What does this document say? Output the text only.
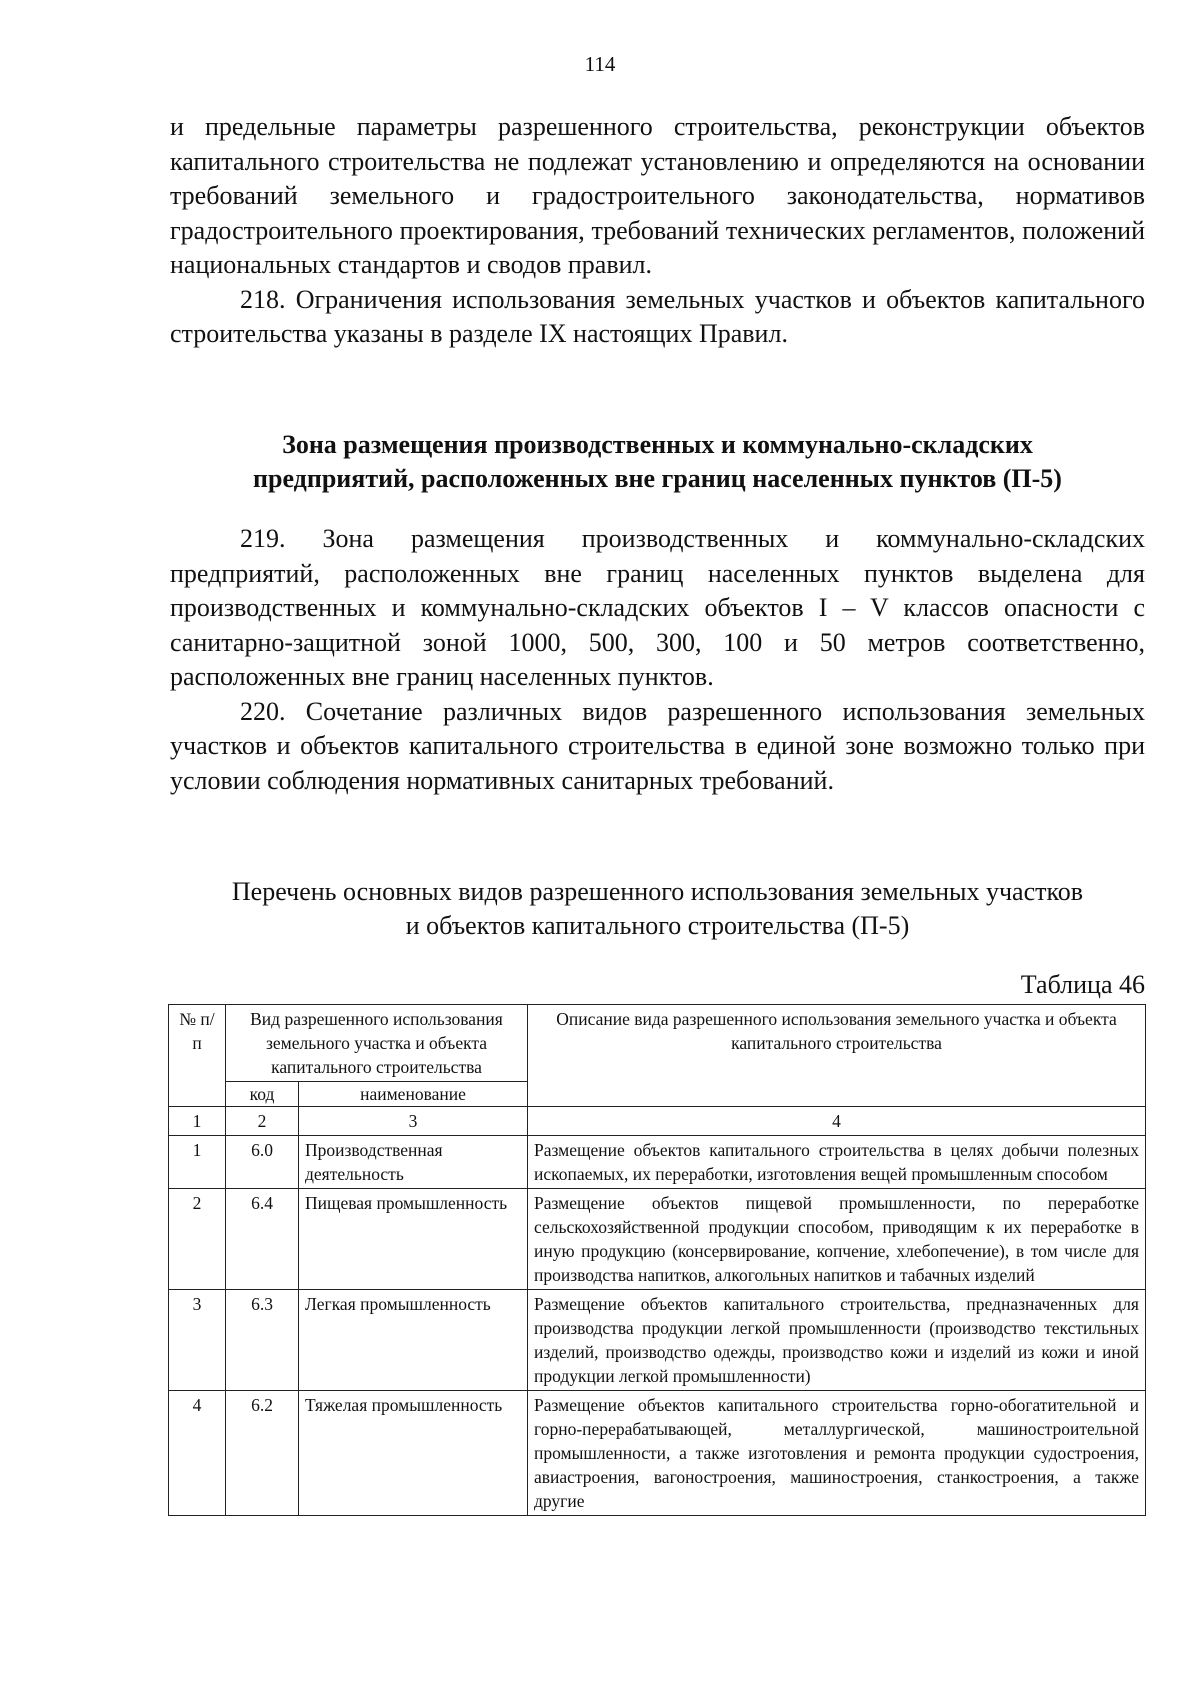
114

и предельные параметры разрешенного строительства, реконструкции объектов капитального строительства не подлежат установлению и определяются на основании требований земельного и градостроительного законодательства, нормативов градостроительного проектирования, требований технических регламентов, положений национальных стандартов и сводов правил.

218. Ограничения использования земельных участков и объектов капитального строительства указаны в разделе IX настоящих Правил.

Зона размещения производственных и коммунально-складских
предприятий, расположенных вне границ населенных пунктов (П-5)

219. Зона размещения производственных и коммунально-складских предприятий, расположенных вне границ населенных пунктов выделена для производственных и коммунально-складских объектов I – V классов опасности с санитарно-защитной зоной 1000, 500, 300, 100 и 50 метров соответственно, расположенных вне границ населенных пунктов.

220. Сочетание различных видов разрешенного использования земельных участков и объектов капитального строительства в единой зоне возможно только при условии соблюдения нормативных санитарных требований.

Перечень основных видов разрешенного использования земельных участков
и объектов капитального строительства (П-5)
Таблица 46
№ п/п	Вид разрешенного использования земельного участка и объекта капитального строительства		Описание вида разрешенного использования земельного участка и объекта капитального строительства
	код	наименование	
1	2	3	4
1	6.0	Производственная деятельность	Размещение объектов капитального строительства в целях добычи полезных ископаемых, их переработки, изготовления вещей промышленным способом
2	6.4	Пищевая промышленность	Размещение объектов пищевой промышленности, по переработке сельскохозяйственной продукции способом, приводящим к их переработке в иную продукцию (консервирование, копчение, хлебопечение), в том числе для производства напитков, алкогольных напитков и табачных изделий
3	6.3	Легкая промышленность	Размещение объектов капитального строительства, предназначенных для производства продукции легкой промышленности (производство текстильных изделий, производство одежды, производство кожи и изделий из кожи и иной продукции легкой промышленности)
4	6.2	Тяжелая промышленность	Размещение объектов капитального строительства горно-обогатительной и горно-перерабатывающей, металлургической, машиностроительной промышленности, а также изготовления и ремонта продукции судостроения, авиастроения, вагоностроения, машиностроения, станкостроения, а также другие
